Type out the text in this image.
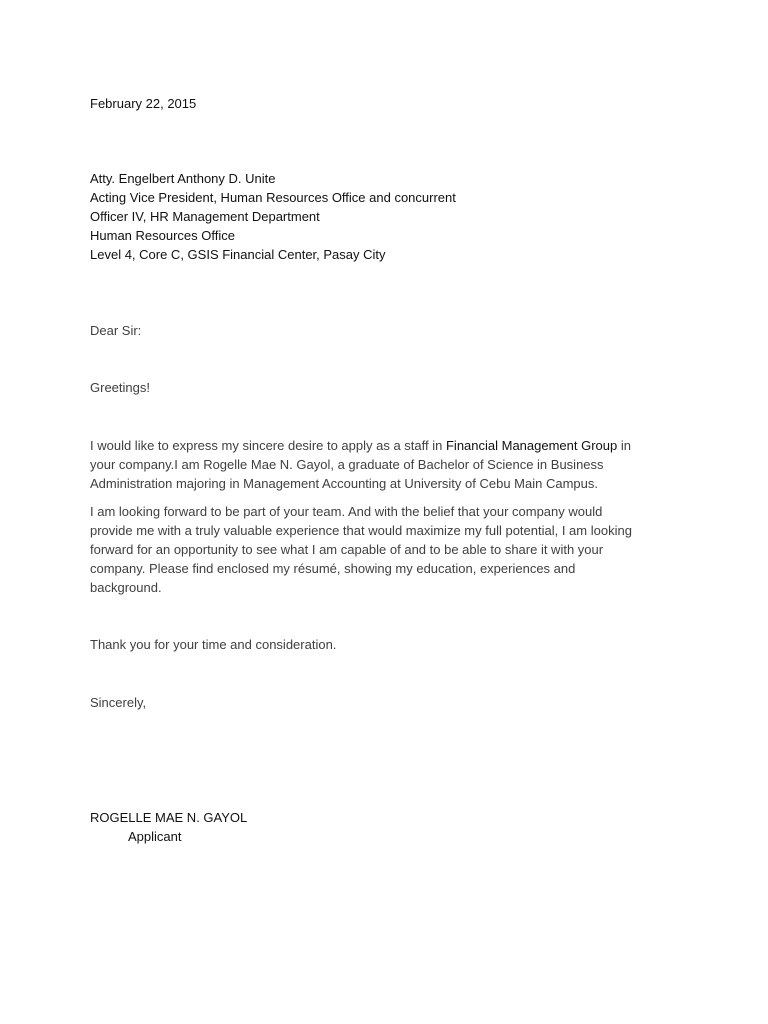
February 22, 2015
Atty. Engelbert Anthony D. Unite
Acting Vice President, Human Resources Office and concurrent
Officer IV, HR Management Department
Human Resources Office
Level 4, Core C, GSIS Financial Center, Pasay City
Dear Sir:
Greetings!
I would like to express my sincere desire to apply as a staff in Financial Management Group in
your company.I am Rogelle Mae N. Gayol, a graduate of Bachelor of Science in Business
Administration majoring in Management Accounting at University of Cebu Main Campus.
I am looking forward to be part of your team. And with the belief that your company would
provide me with a truly valuable experience that would maximize my full potential, I am looking
forward for an opportunity to see what I am capable of and to be able to share it with your
company. Please find enclosed my résumé, showing my education, experiences and
background.
Thank you for your time and consideration.
Sincerely,
ROGELLE MAE N. GAYOL
Applicant
